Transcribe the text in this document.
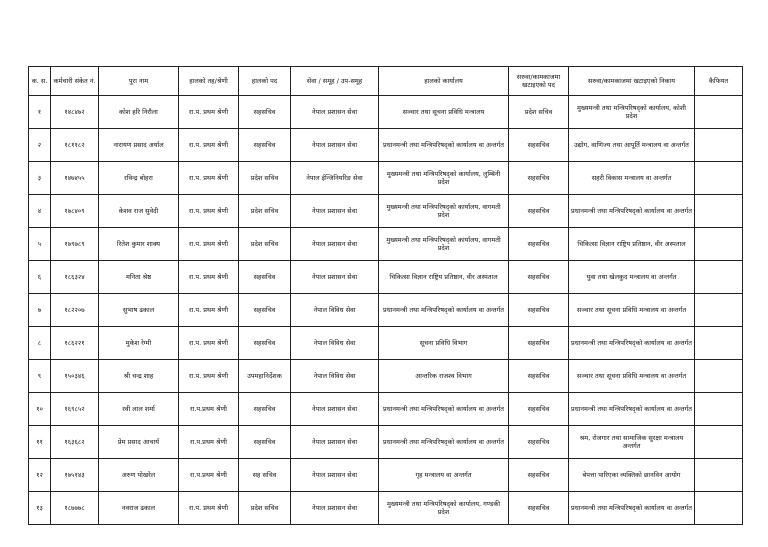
क. स.	कर्मचारी संकेत नं.	पुरा नाम	हालको तह/श्रेणी	हालको पद	सेवा / समूह / उप-समूह	हालको कार्यालय	सरुवा/कामकाजमा खटाइएको पद	सरुवा/कामकाजमा खटाइएको निकाय	कैफियत
१	१४८४७२	कोश हरि निरौला	रा.प. प्रथम श्रेणी	सहसचिव	नेपाल प्रशासन सेवा	सञ्चार तथा सूचना प्रविधि मन्त्रालय	प्रदेश सचिव	मुख्यमन्त्री तथा मन्त्रिपरिषद्को कार्यालय, कोशी प्रदेश	
२	१८११८२	नारायण प्रसाद अर्याल	रा.प. प्रथम श्रेणी	सहसचिव	नेपाल प्रशासन सेवा	प्रधानमन्त्री तथा मन्त्रिपरिषद्को कार्यालय वा अन्तर्गत	सहसचिव	उद्योग, वाणिज्य तथा आपूर्ति मन्त्रालय वा अन्तर्गत	
३	१४७४५५	रविन्द्र बोहरा	रा.प. प्रथम श्रेणी	प्रदेश सचिव	नेपाल ईन्जिनियरिङ सेवा	मुख्यमन्त्री तथा मन्त्रिपरिषद्को कार्यालय, लुम्बिनी प्रदेश	सहसचिव	सहरी विकास मन्त्रालय वा अन्तर्गत	
४	१७८४०९	केशव राज सुवेदी	रा.प. प्रथम श्रेणी	प्रदेश सचिव	नेपाल प्रशासन सेवा	मुख्यमन्त्री तथा मन्त्रिपरिषद्को कार्यालय, वागमती प्रदेश	सहसचिव	प्रधानमन्त्री तथा मन्त्रिपरिषद्को कार्यालय वा अन्तर्गत	
५	१७९७८९	रितेश कुमार शाक्य	रा.प. प्रथम श्रेणी	प्रदेश सचिव	नेपाल प्रशासन सेवा	मुख्यमन्त्री तथा मन्त्रिपरिषद्को कार्यालय, वागमती प्रदेश	सहसचिव	चिकित्सा विज्ञान राष्ट्रिय प्रतिष्ठान, वीर अस्पताल	
६	१८६३२४	मनिता श्रेष्ठ	रा.प. प्रथम श्रेणी	सहसचिव	नेपाल प्रशासन सेवा	चिकित्सा विज्ञान राष्ट्रिय प्रतिष्ठान, वीर अस्पताल	सहसचिव	युवा तथा खेलकुद मन्त्रालय वा अन्तर्गत	
७	१८२२०७	सुभाष ढकाल	रा.प. प्रथम श्रेणी	सहसचिव	नेपाल विविध सेवा	प्रधानमन्त्री तथा मन्त्रिपरिषद्को कार्यालय वा अन्तर्गत	सहसचिव	सञ्चार तथा सूचना प्रविधि मन्त्रालय वा अन्तर्गत	
८	१८६२२१	मुकेश रेग्मी	रा.प. प्रथम श्रेणी	सहसचिव	नेपाल विविध सेवा	सूचना प्रविधि विभाग	सहसचिव	प्रधानमन्त्री तथा मन्त्रिपरिषद्को कार्यालय वा अन्तर्गत	
९	१५०३४६	श्री चन्द्र शाह	रा.प. प्रथम श्रेणी	उपमहानिर्देशक	नेपाल विविध सेवा	आन्तरिक राजश्व विभाग	सहसचिव	सञ्चार तथा सूचना प्रविधि मन्त्रालय वा अन्तर्गत	
१०	१६९८५२	रवी लाल शर्मा	रा.प.प्रथम श्रेणी	सहसचिव	नेपाल प्रशासन सेवा	प्रधानमन्त्री तथा मन्त्रिपरिषद्को कार्यालय वा अन्तर्गत	सहसचिव	प्रधानमन्त्री तथा मन्त्रिपरिषद्को कार्यालय वा अन्तर्गत	
११	१६३६८२	प्रेम प्रसाद आचार्य	रा.प.प्रथम श्रेणी	सहसचिव	नेपाल प्रशासन सेवा	प्रधानमन्त्री तथा मन्त्रिपरिषद्को कार्यालय वा अन्तर्गत	सहसचिव	श्रम, रोजगार तथा सामाजिक सुरक्षा मन्त्रालय अन्तर्गत	
१२	१७५१४३	अरुण पोखरेल	रा.प.प्रथम श्रेणी	सह सचिव	नेपाल प्रशासन सेवा	गृह मन्त्रालय वा अन्तर्गत	सहसचिव	बेपत्ता पारिएका व्यक्तिको छानविन आयोग	
१३	१८७७७८	नवराज ढकाल	रा.प. प्रथम श्रेणी	प्रदेश सचिव	नेपाल प्रशासन सेवा	मुख्यमन्त्री तथा मन्त्रिपरिषद्को कार्यालय, गण्डकी प्रदेश	सहसचिव	प्रधानमन्त्री तथा मन्त्रिपरिषद्को कार्यालय वा अन्तर्गत	
